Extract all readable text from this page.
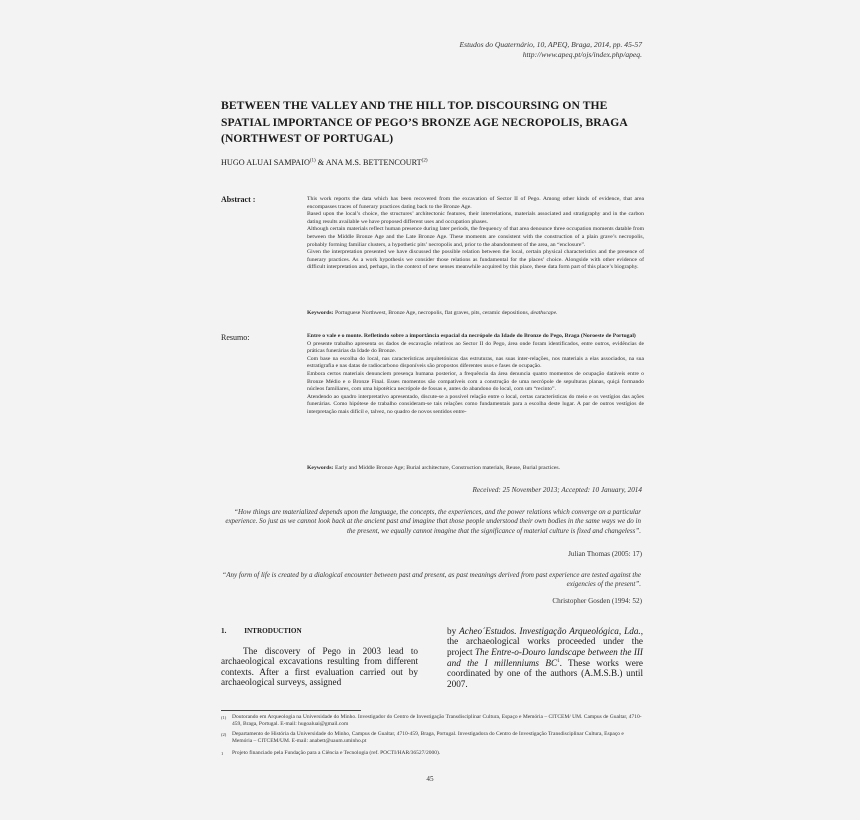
Estudos do Quaternário, 10, APEQ, Braga, 2014, pp. 45-57
http://www.apeq.pt/ojs/index.php/apeq.
BETWEEN THE VALLEY AND THE HILL TOP. DISCOURSING ON THE SPATIAL IMPORTANCE OF PEGO’S BRONZE AGE NECROPOLIS, BRAGA (NORTHWEST OF PORTUGAL)
HUGO ALUAI SAMPAIO$^{(1)}$ & ANA M.S. BETTENCOURT$^{(2)}$
Abstract :	This work reports the data which has been recovered from the excavation of Sector II of Pego. Among other kinds of evidence, that area encompasses traces of funerary practices dating back to the Bronze Age.

Based upon the local’s choice, the structures’ architectonic features, their interrelations, materials associated and stratigraphy and in the carbon dating results available we have proposed different uses and occupation phases.

Although certain materials reflect human presence during later periods, the frequency of that area denounce three occupation moments datable from between the Middle Bronze Age and the Late Bronze Age. These moments are consistent with the construction of a plain grave’s necropolis, probably forming familiar clusters, a hypothetic pits’ necropolis and, prior to the abandonment of the area, an “enclosure”.

Given the interpretation presented we have discussed the possible relation between the local, certain physical characteristics and the presence of funerary practices. As a work hypothesis we consider those relations as fundamental for the places’ choice. Alongside with other evidence of difficult interpretation and, perhaps, in the context of new senses meanwhile acquired by this place, these data form part of this place’s biography.

Keywords: Portuguese Northwest, Bronze Age, necropolis, flat graves, pits, ceramic depositions, deathscape.
Resumo:	Entre o vale e o monte. Refletindo sobre a importância espacial da necrópole da Idade do Bronze do Pego, Braga (Noroeste de Portugal)

O presente trabalho apresenta os dados de escavação relativos ao Sector II do Pego, área onde foram identificados, entre outros, evidências de práticas funerárias da Idade do Bronze.

Com base na escolha do local, nas características arquitetónicas das estruturas, nas suas inter-relações, nos materiais a elas associados, na sua estratigrafia e nas datas de radiocarbono disponíveis são propostos diferentes usos e fases de ocupação.

Embora certos materiais denunciem presença humana posterior, a frequência da área denuncia quatro momentos de ocupação datáveis entre o Bronze Médio e o Bronze Final. Esses momentos são compatíveis com a construção de uma necrópole de sepulturas planas, quiçá formando núcleos familiares, com uma hipotética necrópole de fossas e, antes do abandono do local, com um “recinto”.

Atendendo ao quadro interpretativo apresentado, discute-se a possível relação entre o local, certas características do meio e os vestígios das ações funerárias. Como hipótese de trabalho consideram-se tais relações como fundamentais para a escolha deste lugar. A par de outros vestígios de interpretação mais difícil e, talvez, no quadro de novos sentidos entre-

Keywords: Early and Middle Bronze Age; Burial architecture, Construction materials, Reuse, Burial practices.
Received: 25 November 2013; Accepted: 10 January, 2014
“How things are materialized depends upon the language, the concepts, the experiences, and the power relations which converge on a particular experience. So just as we cannot look back at the ancient past and imagine that those people understood their own bodies in the same ways we do in the present, we equally cannot imagine that the significance of material culture is fixed and changeless”.
Julian Thomas (2005: 17)
“Any form of life is created by a dialogical encounter between past and present, as past meanings derived from past experience are tested against the exigencies of the present”.
Christopher Gosden (1994: 52)
1. INTRODUCTION
The discovery of Pego in 2003 lead to archaeological excavations resulting from different contexts. After a first evaluation carried out by archaeological surveys, assigned
by Acheo´Estudos. Investigação Arqueológica, Lda., the archaeological works proceeded under the project The Entre-o-Douro landscape between the III and the I millenniums $BC^1$. These works were coordinated by one of the authors (A.M.S.B.) until 2007.
(1) Doutorando em Arqueologia na Universidade do Minho. Investigador do Centro de Investigação Transdisciplinar Cultura, Espaço e Memória – CITCEM/ UM. Campus de Gualtar, 4710-459, Braga, Portugal. E-mail: hugoaluai@gmail.com
(2) Departamento de História da Universidade do Minho, Campus de Gualtar, 4710-459, Braga, Portugal. Investigadora do Centro de Investigação Transdisciplinar Cultura, Espaço e Memória – CITCEM/UM. E-mail: anabett@uaum.uminho.pt
1 Projeto financiado pela Fundação para a Ciência e Tecnologia (ref. POCTI/HAR/36527/2000).
45
